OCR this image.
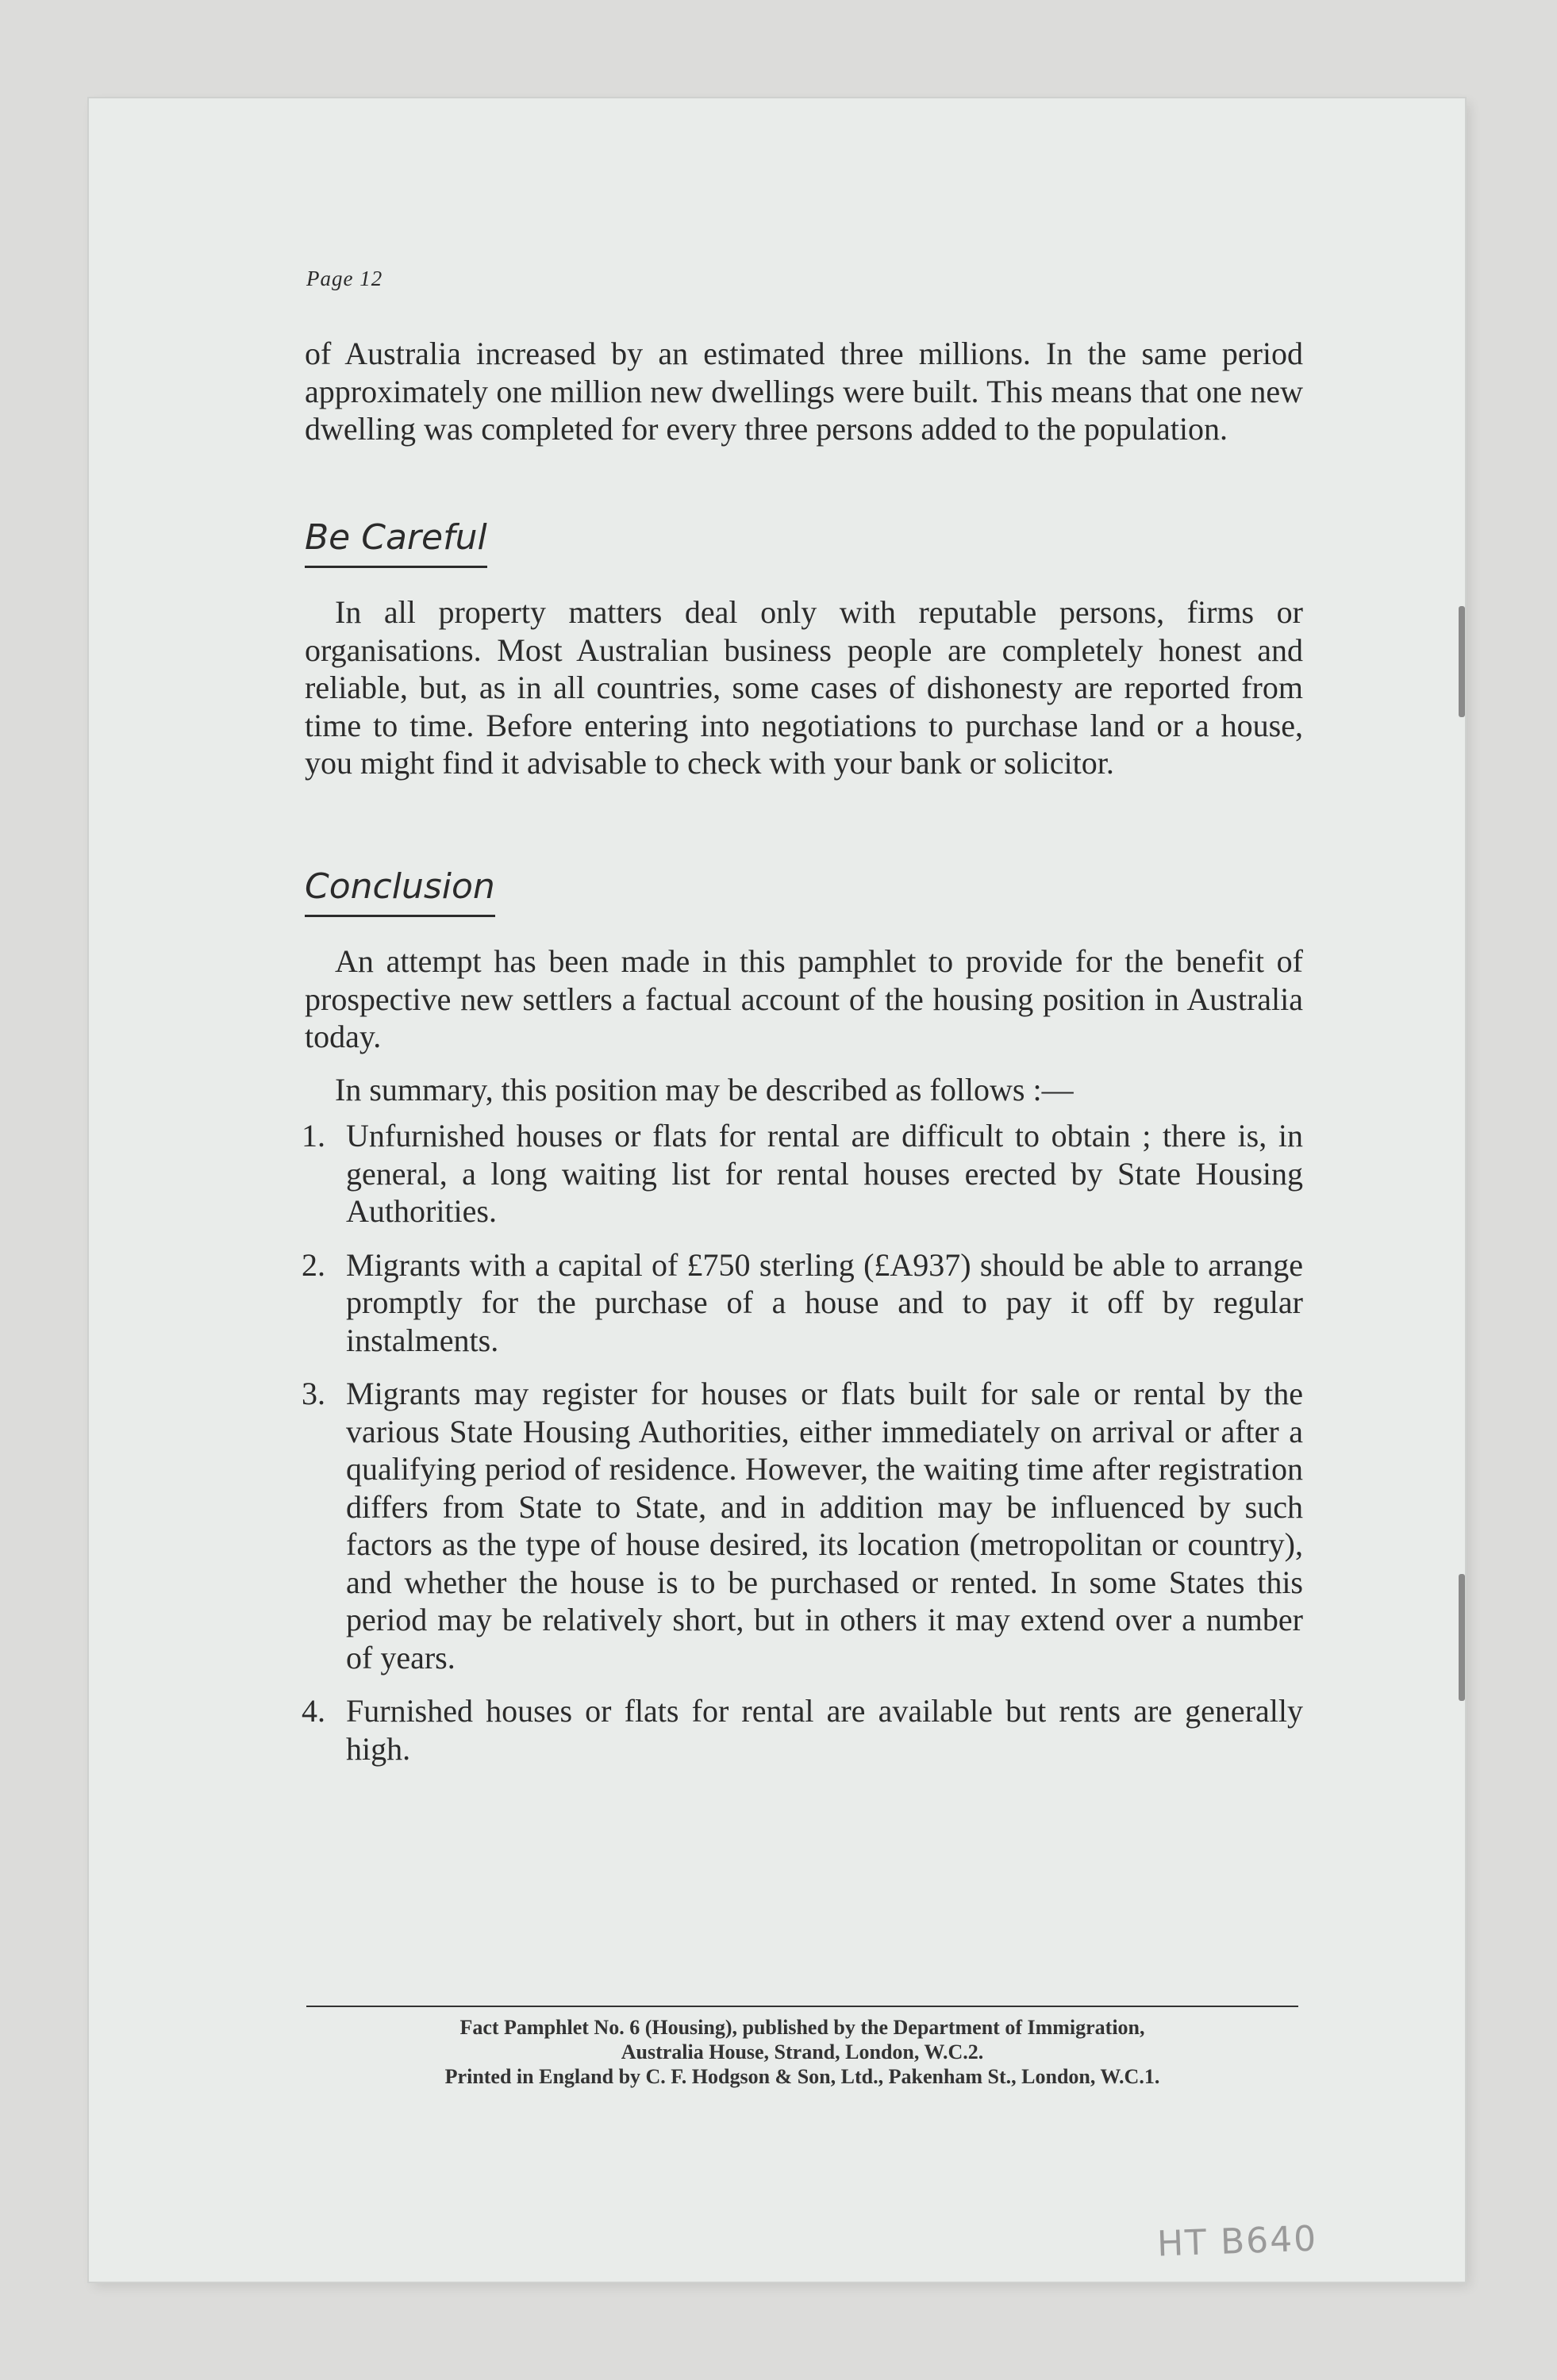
Page 12

of Australia increased by an estimated three millions. In the same period approximately one million new dwellings were built. This means that one new dwelling was completed for every three persons added to the population.

Be Careful

In all property matters deal only with reputable persons, firms or organisations. Most Australian business people are completely honest and reliable, but, as in all countries, some cases of dishonesty are reported from time to time. Before entering into negotiations to purchase land or a house, you might find it advisable to check with your bank or solicitor.

Conclusion

An attempt has been made in this pamphlet to provide for the benefit of prospective new settlers a factual account of the housing position in Australia today.

In summary, this position may be described as follows :—

1. Unfurnished houses or flats for rental are difficult to obtain ; there is, in general, a long waiting list for rental houses erected by State Housing Authorities.
2. Migrants with a capital of £750 sterling (£A937) should be able to arrange promptly for the purchase of a house and to pay it off by regular instalments.
3. Migrants may register for houses or flats built for sale or rental by the various State Housing Authorities, either immediately on arrival or after a qualifying period of residence. However, the waiting time after registration differs from State to State, and in addition may be influenced by such factors as the type of house desired, its location (metropolitan or country), and whether the house is to be purchased or rented. In some States this period may be relatively short, but in others it may extend over a number of years.
4. Furnished houses or flats for rental are available but rents are generally high.
Fact Pamphlet No. 6 (Housing), published by the Department of Immigration,
Australia House, Strand, London, W.C.2.
Printed in England by C. F. Hodgson & Son, Ltd., Pakenham St., London, W.C.1.
HT B640
